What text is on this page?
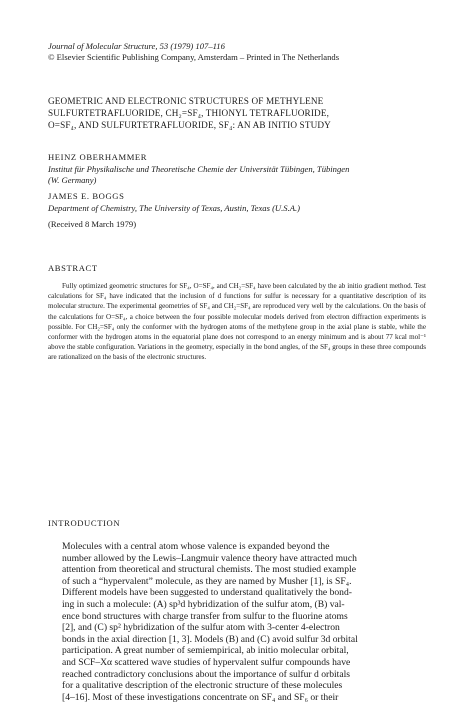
Journal of Molecular Structure, 53 (1979) 107–116
© Elsevier Scientific Publishing Company, Amsterdam – Printed in The Netherlands
GEOMETRIC AND ELECTRONIC STRUCTURES OF METHYLENE
SULFURTETRAFLUORIDE, CH₂=SF₄, THIONYL TETRAFLUORIDE,
O=SF₄, AND SULFURTETRAFLUORIDE, SF₄: AN AB INITIO STUDY
HEINZ OBERHAMMER
Institut für Physikalische und Theoretische Chemie der Universität Tübingen, Tübingen
(W. Germany)
JAMES E. BOGGS
Department of Chemistry, The University of Texas, Austin, Texas (U.S.A.)
(Received 8 March 1979)
ABSTRACT
Fully optimized geometric structures for SF₄, O=SF₄, and CH₂=SF₄ have been calculated by the ab initio gradient method. Test calculations for SF₄ have indicated that the inclusion of d functions for sulfur is necessary for a quantitative description of its molecular structure. The experimental geometries of SF₄ and CH₂=SF₄ are reproduced very well by the calculations. On the basis of the calculations for O=SF₄, a choice between the four possible molecular models derived from electron diffraction experiments is possible. For CH₂=SF₄ only the conformer with the hydrogen atoms of the methylene group in the axial plane is stable, while the conformer with the hydrogen atoms in the equatorial plane does not correspond to an energy minimum and is about 77 kcal mol⁻¹ above the stable configuration. Variations in the geometry, especially in the bond angles, of the SF₄ groups in these three compounds are rationalized on the basis of the electronic structures.
INTRODUCTION
Molecules with a central atom whose valence is expanded beyond the
number allowed by the Lewis–Langmuir valence theory have attracted much
attention from theoretical and structural chemists. The most studied example
of such a “hypervalent” molecule, as they are named by Musher [1], is SF₄.
Different models have been suggested to understand qualitatively the bond-
ing in such a molecule: (A) sp³d hybridization of the sulfur atom, (B) val-
ence bond structures with charge transfer from sulfur to the fluorine atoms
[2], and (C) sp² hybridization of the sulfur atom with 3-center 4-electron
bonds in the axial direction [1, 3]. Models (B) and (C) avoid sulfur 3d orbital
participation. A great number of semiempirical, ab initio molecular orbital,
and SCF–Xα scattered wave studies of hypervalent sulfur compounds have
reached contradictory conclusions about the importance of sulfur d orbitals
for a qualitative description of the electronic structure of these molecules
[4–16]. Most of these investigations concentrate on SF₄ and SF₆ or their
